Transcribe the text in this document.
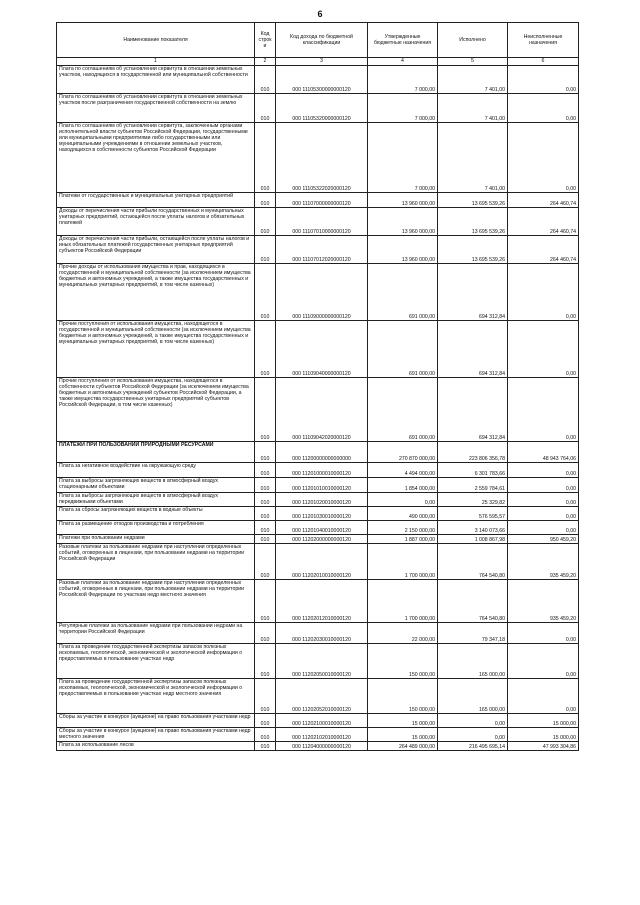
6
Наименование показателя	Код строк и	Код дохода по бюджетной классификации	Утвержденные бюджетные назначения	Исполнено	Неисполненные назначения
1	2	3	4	5	6
Плата по соглашениям об установлении сервитута в отношении земельных участков, находящихся в государственной или муниципальной собственности	010	000 11105300000000120	7 000,00	7 401,00	0,00
Плата по соглашениям об установлении сервитута в отношении земельных участков после разграничения государственной собственности на землю	010	000 11105320000000120	7 000,00	7 401,00	0,00
Плата по соглашениям об установлении сервитута, заключенным органами исполнительной власти субъектов Российской Федерации, государственными или муниципальными предприятиями либо государственными или муниципальными учреждениями в отношении земельных участков, находящихся в собственности субъектов Российской Федерации	010	000 11105322020000120	7 000,00	7 401,00	0,00
Платежи от государственных и муниципальных унитарных предприятий	010	000 11107000000000120	13 960 000,00	13 695 539,26	264 460,74
Доходы от перечисления части прибыли государственных и муниципальных унитарных предприятий, остающейся после уплаты налогов и обязательных платежей	010	000 11107010000000120	13 960 000,00	13 695 539,26	264 460,74
Доходы от перечисления части прибыли, остающейся после уплаты налогов и иных обязательных платежей государственных унитарных предприятий субъектов Российской Федерации	010	000 11107012020000120	13 960 000,00	13 695 539,26	264 460,74
Прочие доходы от использования имущества и прав, находящихся в государственной и муниципальной собственности (за исключением имущества бюджетных и автономных учреждений, а также имущества государственных и муниципальных унитарных предприятий, в том числе казенных)	010	000 11109000000000120	691 000,00	694 312,84	0,00
Прочие поступления от использования имущества, находящегося в государственной и муниципальной собственности (за исключением имущества бюджетных и автономных учреждений, а также имущества государственных и муниципальных унитарных предприятий, в том числе казенных)	010	000 11109040000000120	691 000,00	694 312,84	0,00
Прочие поступления от использования имущества, находящегося в собственности субъектов Российской Федерации (за исключением имущества бюджетных и автономных учреждений субъектов Российской Федерации, а также имущества государственных унитарных предприятий субъектов Российской Федерации, в том числе казенных)	010	000 11109042020000120	691 000,00	694 312,84	0,00
ПЛАТЕЖИ ПРИ ПОЛЬЗОВАНИИ ПРИРОДНЫМИ РЕСУРСАМИ	010	000 11200000000000000	270 870 000,00	223 806 356,78	48 943 764,06
Плата за негативное воздействие на окружающую среду	010	000 11201000010000120	4 494 000,00	6 301 783,66	0,00
Плата за выбросы загрязняющих веществ в атмосферный воздух стационарными объектами	010	000 11201010010000120	1 854 000,00	2 559 784,61	0,00
Плата за выбросы загрязняющих веществ в атмосферный воздух передвижными объектами	010	000 11201020010000120	0,00	25 329,82	0,00
Плата за сбросы загрязняющих веществ в водные объекты	010	000 11201030010000120	490 000,00	576 595,57	0,00
Плата за размещение отходов производства и потребления	010	000 11201040010000120	2 150 000,00	3 140 073,66	0,00
Платежи при пользовании недрами	010	000 11202000000000120	1 887 000,00	1 008 867,98	950 459,20
Разовые платежи за пользование недрами при наступлении определенных событий, оговоренных в лицензии, при пользовании недрами на территории Российской Федерации	010	000 11202010010000120	1 700 000,00	764 540,80	935 459,20
Разовые платежи за пользование недрами при наступлении определенных событий, оговоренных в лицензии, при пользовании недрами на территории Российской Федерации по участкам недр местного значения	010	000 11202012010000120	1 700 000,00	764 540,80	935 459,20
Регулярные платежи за пользование недрами при пользовании недрами на территории Российской Федерации	010	000 11202030010000120	22 000,00	79 347,18	0,00
Плата за проведение государственной экспертизы запасов полезных ископаемых, геологической, экономической и экологической информации о предоставляемых в пользование участках недр	010	000 11202050010000120	150 000,00	165 000,00	0,00
Плата за проведение государственной экспертизы запасов полезных ископаемых, геологической, экономической и экологической информации о предоставляемых в пользование участках недр местного значения	010	000 11202052010000120	150 000,00	165 000,00	0,00
Сборы за участие в конкурсе (аукционе) на право пользования участками недр	010	000 11202100010000120	15 000,00	0,00	15 000,00
Сборы за участие в конкурсе (аукционе) на право пользования участками недр местного значения	010	000 11202102010000120	15 000,00	0,00	15 000,00
Плата за использование лесов	010	000 11204000000000120	264 489 000,00	216 495 695,14	47 993 304,86
